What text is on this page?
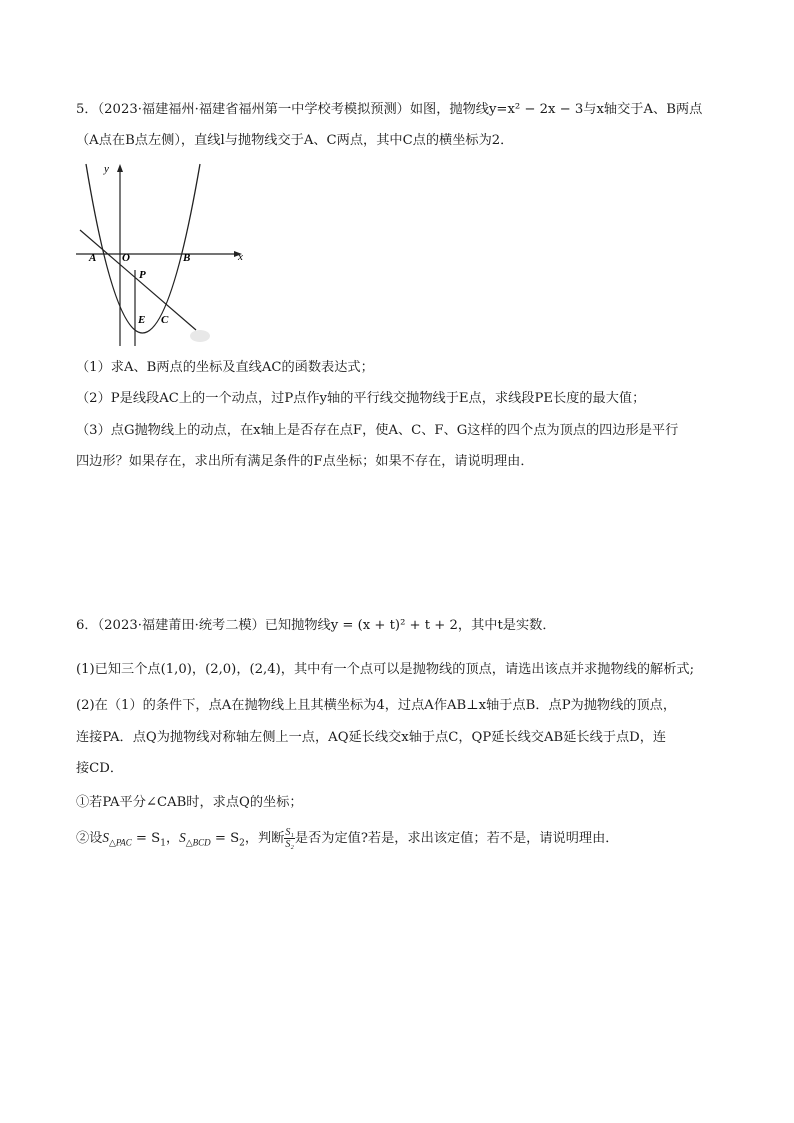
5．（2023·福建福州·福建省福州第一中学校考模拟预测）如图，抛物线y=x² − 2x − 3与x轴交于A、B两点
（A点在B点左侧），直线l与抛物线交于A、C两点，其中C点的横坐标为2．
y
x
A O	B
P
E C
（1）求A、B两点的坐标及直线AC的函数表达式；
（2）P是线段AC上的一个动点，过P点作y轴的平行线交抛物线于E点，求线段PE长度的最大值；
（3）点G抛物线上的动点，在x轴上是否存在点F，使A、C、F、G这样的四个点为顶点的四边形是平行
四边形？如果存在，求出所有满足条件的F点坐标；如果不存在，请说明理由．
6．（2023·福建莆田·统考二模）已知抛物线y = (x + t)² + t + 2，其中t是实数．
(1)已知三个点(1,0)，(2,0)，(2,4)，其中有一个点可以是抛物线的顶点，请选出该点并求抛物线的解析式;
(2)在（1）的条件下，点A在抛物线上且其横坐标为4，过点A作AB⊥x轴于点B．点P为抛物线的顶点，
连接PA．点Q为抛物线对称轴左侧上一点，AQ延长线交x轴于点C，QP延长线交AB延长线于点D，连
接CD．
①若PA平分∠CAB时，求点Q的坐标；
②设$S_{\triangle PAC} = S_1$，$S_{\triangle BCD} = S_2$，判断 $\frac{\text{S₁}}{\text{S₂}}$ 是否为定值?若是，求出该定值；若不是，请说明理由．
